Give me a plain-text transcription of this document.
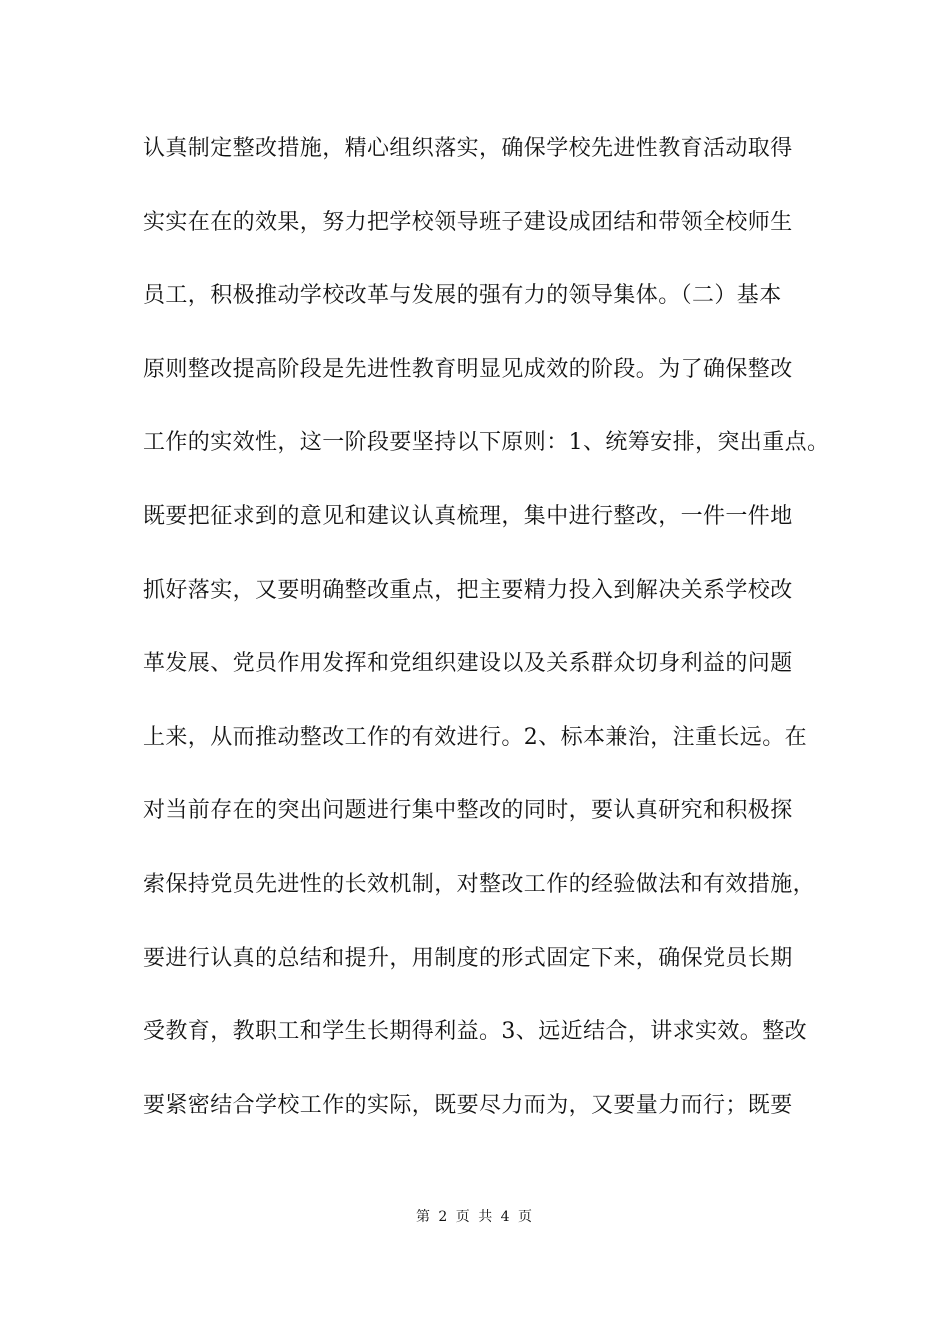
认真制定整改措施，精心组织落实，确保学校先进性教育活动取得

实实在在的效果，努力把学校领导班子建设成团结和带领全校师生

员工，积极推动学校改革与发展的强有力的领导集体。（二）基本

原则整改提高阶段是先进性教育明显见成效的阶段。为了确保整改

工作的实效性，这一阶段要坚持以下原则：1、统筹安排，突出重点。

既要把征求到的意见和建议认真梳理，集中进行整改，一件一件地

抓好落实，又要明确整改重点，把主要精力投入到解决关系学校改

革发展、党员作用发挥和党组织建设以及关系群众切身利益的问题

上来，从而推动整改工作的有效进行。2、标本兼治，注重长远。在

对当前存在的突出问题进行集中整改的同时，要认真研究和积极探

索保持党员先进性的长效机制，对整改工作的经验做法和有效措施，

要进行认真的总结和提升，用制度的形式固定下来，确保党员长期

受教育，教职工和学生长期得利益。3、远近结合，讲求实效。整改

要紧密结合学校工作的实际，既要尽力而为，又要量力而行；既要

第 2 页 共 4 页
